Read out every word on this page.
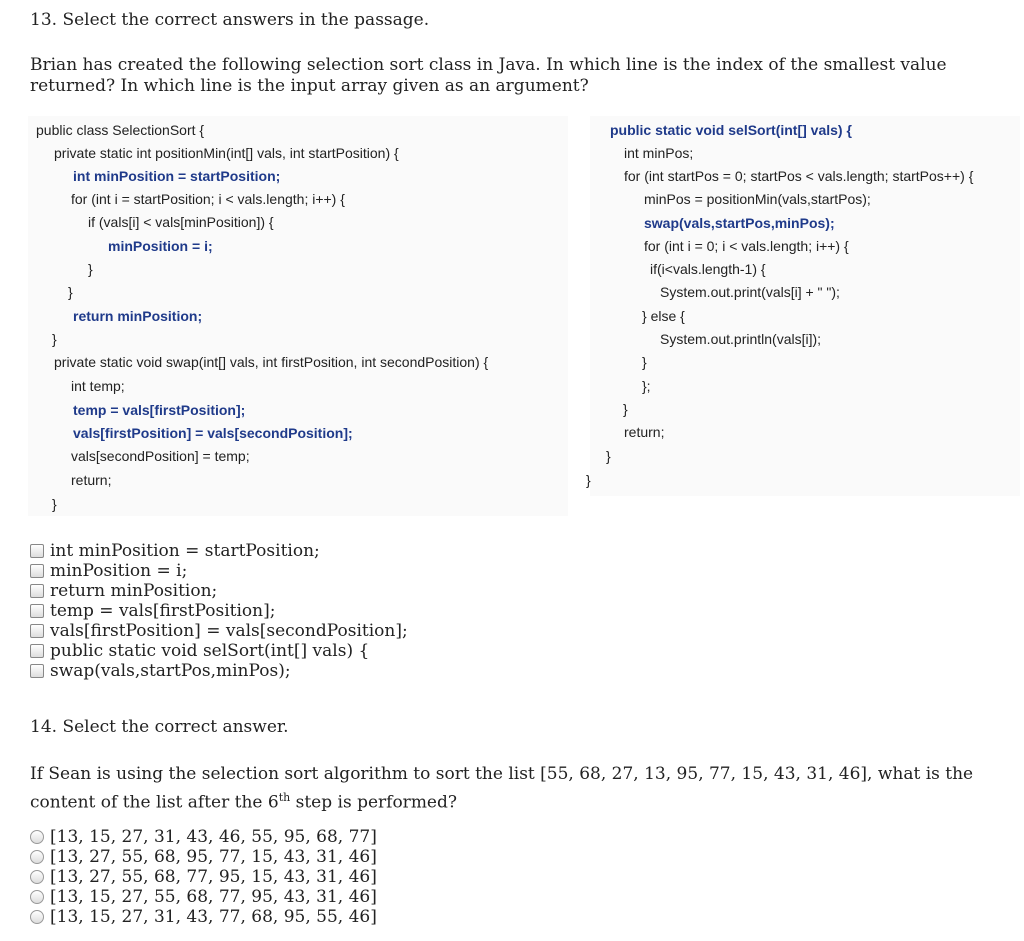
13. Select the correct answers in the passage.
Brian has created the following selection sort class in Java. In which line is the index of the smallest value returned? In which line is the input array given as an argument?
public class SelectionSort {
private static int positionMin(int[] vals, int startPosition) {
int minPosition = startPosition;
for (int i = startPosition; i < vals.length; i++) {
if (vals[i] < vals[minPosition]) {
minPosition = i;
}
}
return minPosition;
}
private static void swap(int[] vals, int firstPosition, int secondPosition) {
int temp;
temp = vals[firstPosition];
vals[firstPosition] = vals[secondPosition];
vals[secondPosition] = temp;
return;
}
public static void selSort(int[] vals) {
int minPos;
for (int startPos = 0; startPos < vals.length; startPos++) {
minPos = positionMin(vals,startPos);
swap(vals,startPos,minPos);
for (int i = 0; i < vals.length; i++) {
if(i<vals.length-1) {
System.out.print(vals[i] + " ");
} else {
System.out.println(vals[i]);
}
};
}
return;
}
}
int minPosition = startPosition;
minPosition = i;
return minPosition;
temp = vals[firstPosition];
vals[firstPosition] = vals[secondPosition];
public static void selSort(int[] vals) {
swap(vals,startPos,minPos);
14. Select the correct answer.
If Sean is using the selection sort algorithm to sort the list [55, 68, 27, 13, 95, 77, 15, 43, 31, 46], what is the content of the list after the 6th step is performed?
[13, 15, 27, 31, 43, 46, 55, 95, 68, 77]
[13, 27, 55, 68, 95, 77, 15, 43, 31, 46]
[13, 27, 55, 68, 77, 95, 15, 43, 31, 46]
[13, 15, 27, 55, 68, 77, 95, 43, 31, 46]
[13, 15, 27, 31, 43, 77, 68, 95, 55, 46]
